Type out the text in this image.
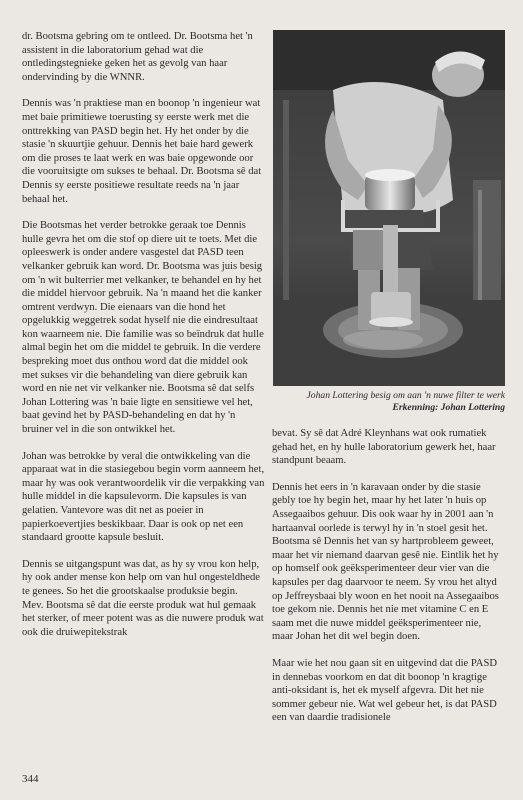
dr. Bootsma gebring om te ontleed. Dr. Bootsma het 'n assistent in die laboratorium gehad wat die ontledingstegnieke geken het as gevolg van haar ondervinding by die WNNR.

Dennis was 'n praktiese man en boonop 'n ingenieur wat met baie primitiewe toerusting sy eerste werk met die onttrekking van PASD begin het. Hy het onder by die stasie 'n skuurtjie gehuur. Dennis het baie hard gewerk om die proses te laat werk en was baie opgewonde oor die vooruitsigte om sukses te behaal. Dr. Bootsma sê dat Dennis sy eerste positiewe resultate reeds na 'n jaar behaal het.

Die Bootsmas het verder betrokke geraak toe Dennis hulle gevra het om die stof op diere uit te toets. Met die opleeswerk is onder andere vasgestel dat PASD teen velkanker gebruik kan word. Dr. Bootsma was juis besig om 'n wit bulterrier met velkanker, te behandel en hy het die middel hiervoor gebruik. Na 'n maand het die kanker omtrent verdwyn. Die eienaars van die hond het opgelukkig weggetrek sodat hyself nie die eindresultaat kon waarneem nie. Die familie was so beïndruk dat hulle almal begin het om die middel te gebruik. In die verdere bespreking moet dus onthou word dat die middel ook met sukses vir die behandeling van diere gebruik kan word en nie net vir velkanker nie. Bootsma sê dat selfs Johan Lottering was 'n baie ligte en sensitiewe vel het, baat gevind het by PASD-behandeling en dat hy 'n bruiner vel in die son ontwikkel het.

Johan was betrokke by veral die ontwikkeling van die apparaat wat in die stasiegebou begin vorm aanneem het, maar hy was ook verantwoordelik vir die verpakking van hulle middel in die kapsulevorm. Die kapsules is van gelatien. Vantevore was dit net as poeier in papierkoevertjies beskikbaar. Daar is ook op net een standaard grootte kapsule besluit.

Dennis se uitgangspunt was dat, as hy sy vrou kon help, hy ook ander mense kon help om van hul ongesteldhede te genees. So het die grootskaalse produksie begin.

Mev. Bootsma sê dat die eerste produk wat hul gemaak het sterker, of meer potent was as die nuwere produk wat ook die druiwepitekstrak

Johan Lottering besig om aan 'n nuwe filter te werk
Erkenning: Johan Lottering

bevat. Sy sê dat Adré Kleynhans wat ook rumatiek gehad het, en hy hulle laboratorium gewerk het, haar standpunt beaam.

Dennis het eers in 'n karavaan onder by die stasie gebly toe hy begin het, maar hy het later 'n huis op Assegaaibos gehuur. Dis ook waar hy in 2001 aan 'n hartaanval oorlede is terwyl hy in 'n stoel gesit het. Bootsma sê Dennis het van sy hartprobleem geweet, maar het vir niemand daarvan gesê nie. Eintlik het hy op homself ook geëksperimenteer deur vier van die kapsules per dag daarvoor te neem. Sy vrou het altyd op Jeffreysbaai bly woon en het nooit na Assegaaibos toe gekom nie. Dennis het nie met vitamine C en E saam met die nuwe middel geëksperimenteer nie, maar Johan het dit wel begin doen.

Maar wie het nou gaan sit en uitgevind dat die PASD in dennebas voorkom en dat dit boonop 'n kragtige anti-oksidant is, het ek myself afgevra. Dit het nie sommer gebeur nie. Wat wel gebeur het, is dat PASD een van daardie tradisionele

344
